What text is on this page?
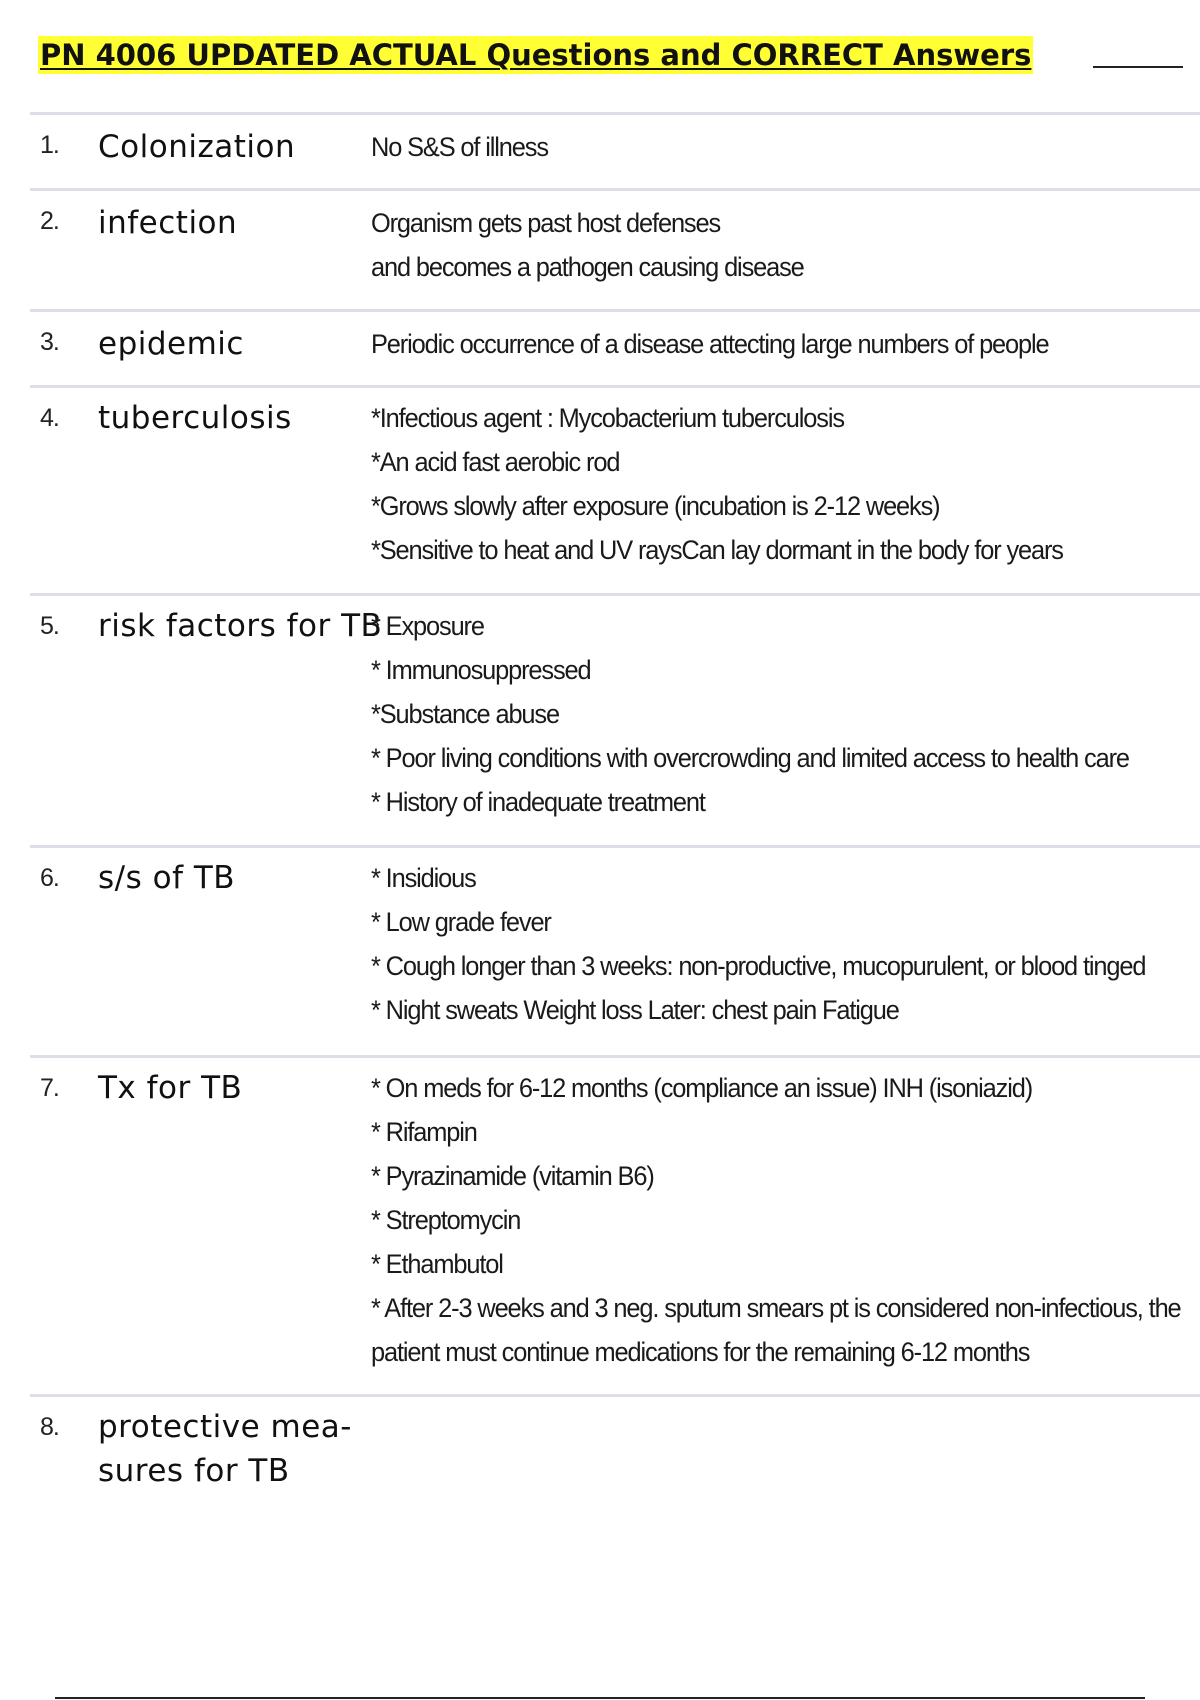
PN 4006 UPDATED ACTUAL Questions and CORRECT Answers
1. Colonization	No S&S of illness
2. infection	Organism gets past host defenses
and becomes a pathogen causing disease
3. epidemic	Periodic occurrence of a disease attecting large numbers of people
4. tuberculosis	*Infectious agent : Mycobacterium tuberculosis
*An acid fast aerobic rod
*Grows slowly after exposure (incubation is 2-12 weeks)
*Sensitive to heat and UV raysCan lay dormant in the body for years
5. risk factors for TB
* Exposure
* Immunosuppressed
*Substance abuse
* Poor living conditions with overcrowding and limited access to health care
* History of inadequate treatment
6. s/s of TB	* Insidious
* Low grade fever
* Cough longer than 3 weeks: non-productive, mucopurulent, or blood tinged
* Night sweats Weight loss Later: chest pain Fatigue
7. Tx for TB	* On meds for 6-12 months (compliance an issue) INH (isoniazid)
* Rifampin
* Pyrazinamide (vitamin B6)
* Streptomycin
* Ethambutol
* After 2-3 weeks and 3 neg. sputum smears pt is considered non-infectious, the
patient must continue medications for the remaining 6-12 months
8. protective mea-
sures for TB
